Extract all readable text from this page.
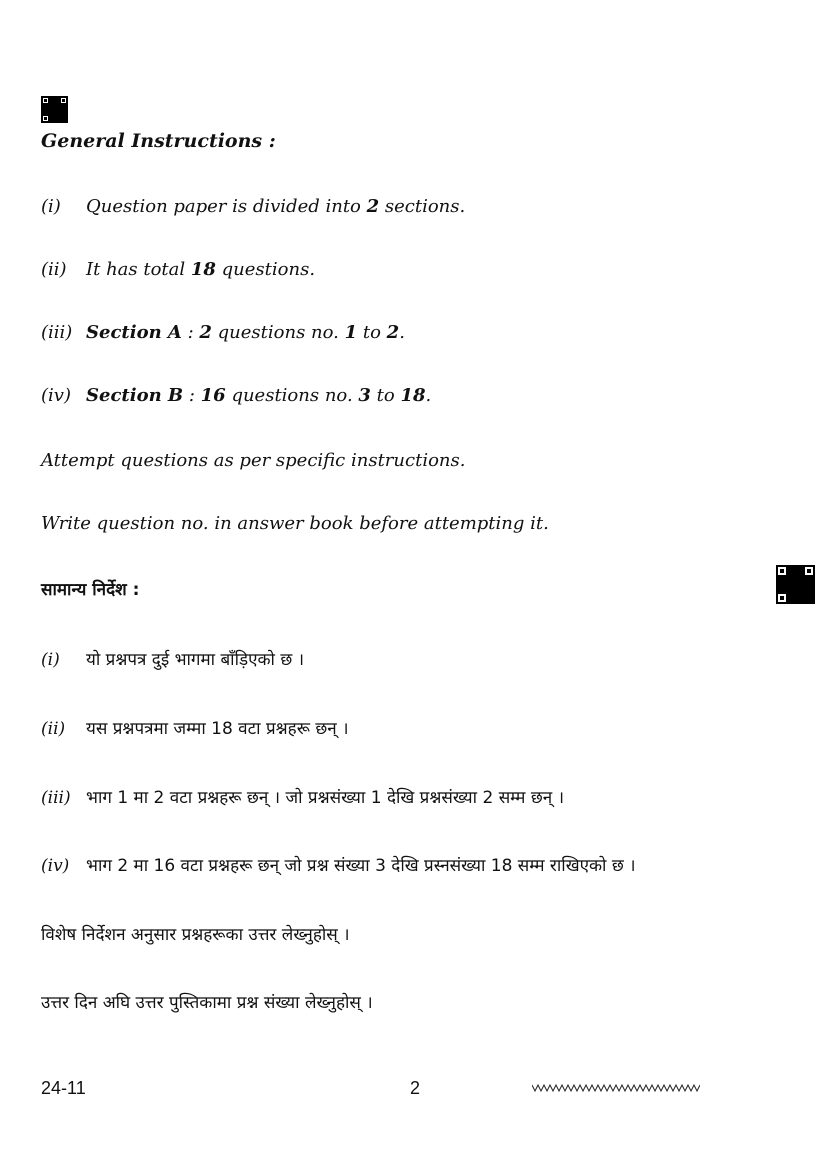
General Instructions :
(i) Question paper is divided into 2 sections.
(ii) It has total 18 questions.
(iii) Section A : 2 questions no. 1 to 2.
(iv) Section B : 16 questions no. 3 to 18.
Attempt questions as per specific instructions.
Write question no. in answer book before attempting it.
सामान्य निर्देश :
(i) यो प्रश्नपत्र दुई भागमा बाँड़िएको छ ।
(ii) यस प्रश्नपत्रमा जम्मा 18 वटा प्रश्नहरू छन् ।
(iii) भाग 1 मा 2 वटा प्रश्नहरू छन् । जो प्रश्नसंख्या 1 देखि प्रश्नसंख्या 2 सम्म छन् ।
(iv) भाग 2 मा 16 वटा प्रश्नहरू छन् जो प्रश्न संख्या 3 देखि प्रस्नसंख्या 18 सम्म राखिएको छ ।
विशेष निर्देशन अनुसार प्रश्नहरूका उत्तर लेख्नुहोस् ।
उत्तर दिन अघि उत्तर पुस्तिकामा प्रश्न संख्या लेख्नुहोस् ।
24-11	2
